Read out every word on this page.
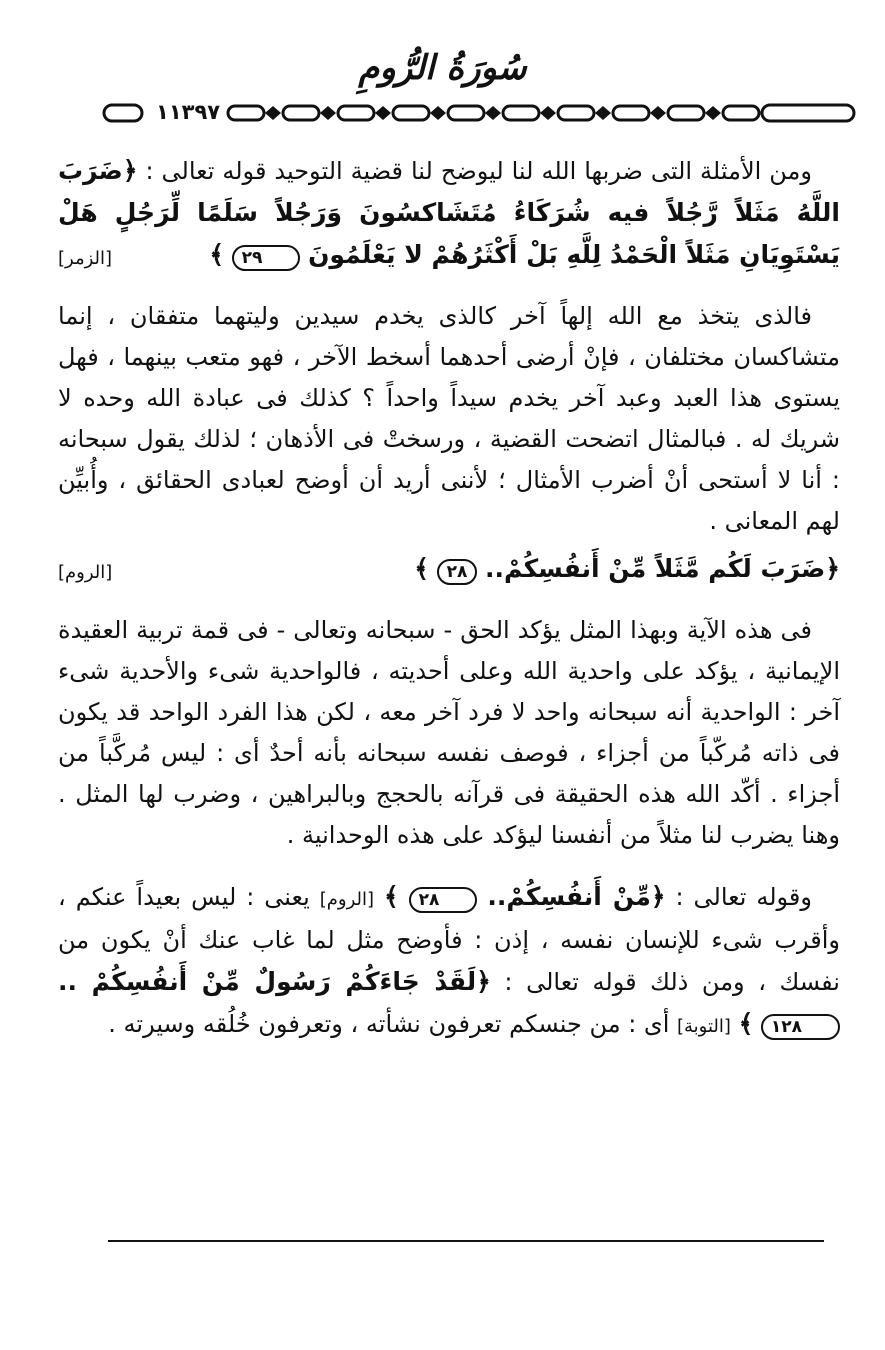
سُورَةُ الرُّومِ
١١٣٩٧

ومن الأمثلة التى ضربها الله لنا ليوضح لنا قضية التوحيد قوله تعالى : ﴿ضَرَبَ اللَّهُ مَثَلاً رَّجُلاً فيه شُرَكَاءُ مُتَشَاكسُونَ وَرَجُلاً سَلَمًا لِّرَجُلٍ هَلْ يَسْتَوِيَانِ مَثَلاً الْحَمْدُ لِلَّهِ بَلْ أَكْثَرُهُمْ لا يَعْلَمُونَ ٢٩ ﴾
[الزمر]

فالذى يتخذ مع الله إلهاً آخر كالذى يخدم سيدين وليتهما متفقان ، إنما متشاكسان مختلفان ، فإنْ أرضى أحدهما أسخط الآخر ، فهو متعب بينهما ، فهل يستوى هذا العبد وعبد آخر يخدم سيداً واحداً ؟ كذلك فى عبادة الله وحده لا شريك له . فبالمثال اتضحت القضية ، ورسختْ فى الأذهان ؛ لذلك يقول سبحانه : أنا لا أستحى أنْ أضرب الأمثال ؛ لأننى أريد أن أوضح لعبادى الحقائق ، وأُبيِّن لهم المعانى .

﴿ضَرَبَ لَكُم مَّثَلاً مِّنْ أَنفُسِكُمْ.. ٢٨ ﴾
[الروم]

فى هذه الآية وبهذا المثل يؤكد الحق - سبحانه وتعالى - فى قمة تربية العقيدة الإيمانية ، يؤكد على واحدية الله وعلى أحديته ، فالواحدية شىء والأحدية شىء آخر : الواحدية أنه سبحانه واحد لا فرد آخر معه ، لكن هذا الفرد الواحد قد يكون فى ذاته مُركّباً من أجزاء ، فوصف نفسه سبحانه بأنه أحدٌ أى : ليس مُركَّباً من أجزاء . أكّد الله هذه الحقيقة فى قرآنه بالحجج وبالبراهين ، وضرب لها المثل . وهنا يضرب لنا مثلاً من أنفسنا ليؤكد على هذه الوحدانية .

وقوله تعالى : ﴿مِّنْ أَنفُسِكُمْ.. ٢٨ ﴾ [الروم] يعنى : ليس بعيداً عنكم ، وأقرب شىء للإنسان نفسه ، إذن : فأوضح مثل لما غاب عنك أنْ يكون من نفسك ، ومن ذلك قوله تعالى : ﴿لَقَدْ جَاءَكُمْ رَسُولٌ مِّنْ أَنفُسِكُمْ .. ١٢٨ ﴾ [التوبة] أى : من جنسكم تعرفون نشأته ، وتعرفون خُلُقه وسيرته .
